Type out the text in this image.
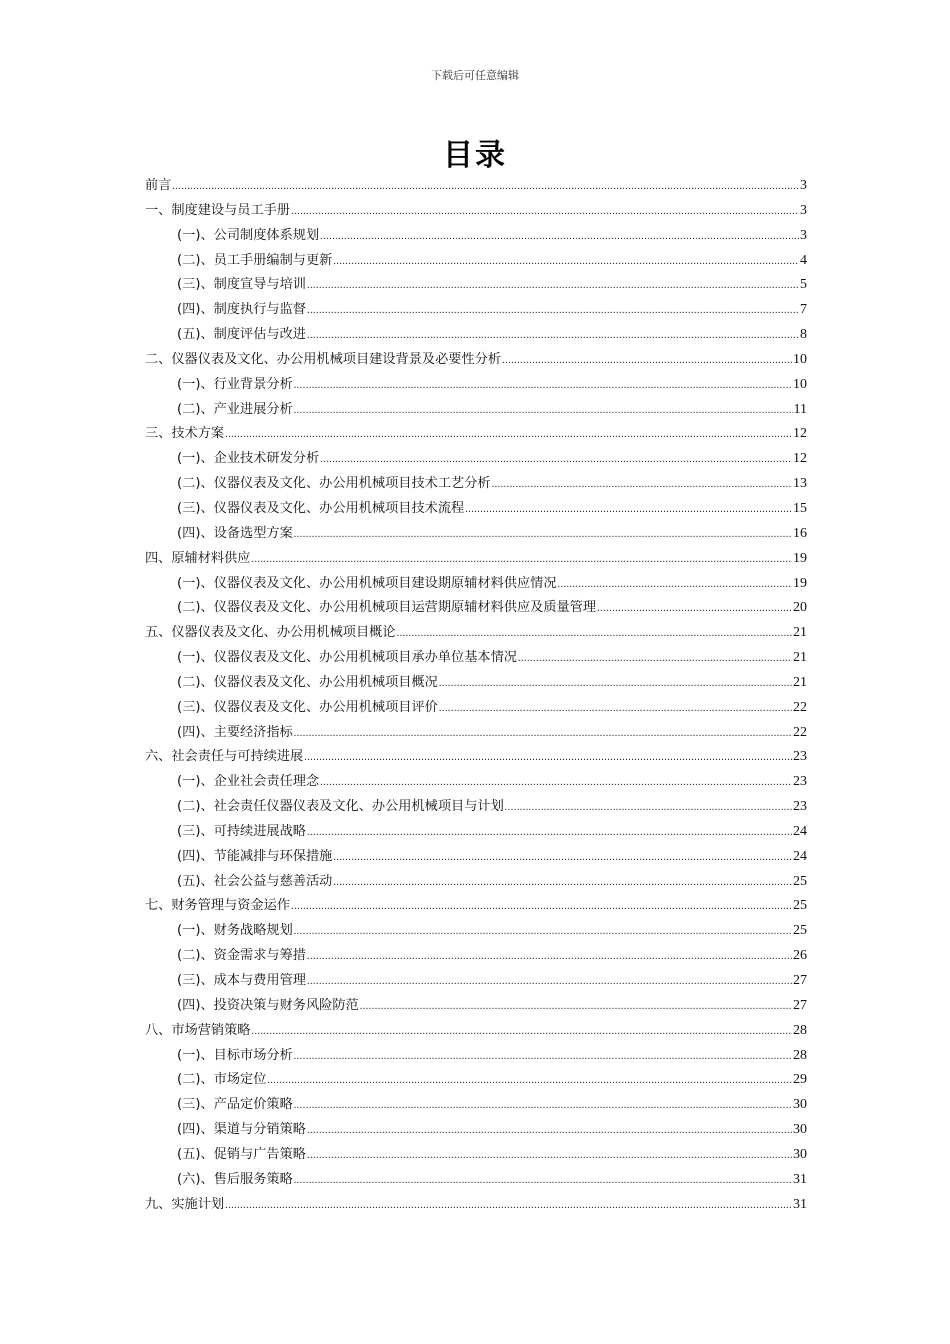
下载后可任意编辑
目录
前言 .....	3
一、制度建设与员工手册 .....	3
(一)、公司制度体系规划 .....	3
(二)、员工手册编制与更新 .....	4
(三)、制度宣导与培训 .....	5
(四)、制度执行与监督 .....	7
(五)、制度评估与改进 .....	8
二、仪器仪表及文化、办公用机械项目建设背景及必要性分析 .....	10
(一)、行业背景分析 .....	10
(二)、产业进展分析 .....	11
三、技术方案 .....	12
(一)、企业技术研发分析 .....	12
(二)、仪器仪表及文化、办公用机械项目技术工艺分析 .....	13
(三)、仪器仪表及文化、办公用机械项目技术流程 .....	15
(四)、设备选型方案 .....	16
四、原辅材料供应 .....	19
(一)、仪器仪表及文化、办公用机械项目建设期原辅材料供应情况 .....	19
(二)、仪器仪表及文化、办公用机械项目运营期原辅材料供应及质量管理 .....	20
五、仪器仪表及文化、办公用机械项目概论 .....	21
(一)、仪器仪表及文化、办公用机械项目承办单位基本情况 .....	21
(二)、仪器仪表及文化、办公用机械项目概况 .....	21
(三)、仪器仪表及文化、办公用机械项目评价 .....	22
(四)、主要经济指标 .....	22
六、社会责任与可持续进展 .....	23
(一)、企业社会责任理念 .....	23
(二)、社会责任仪器仪表及文化、办公用机械项目与计划 .....	23
(三)、可持续进展战略 .....	24
(四)、节能减排与环保措施 .....	24
(五)、社会公益与慈善活动 .....	25
七、财务管理与资金运作 .....	25
(一)、财务战略规划 .....	25
(二)、资金需求与筹措 .....	26
(三)、成本与费用管理 .....	27
(四)、投资决策与财务风险防范 .....	27
八、市场营销策略 .....	28
(一)、目标市场分析 .....	28
(二)、市场定位 .....	29
(三)、产品定价策略 .....	30
(四)、渠道与分销策略 .....	30
(五)、促销与广告策略 .....	30
(六)、售后服务策略 .....	31
九、实施计划 .....	31
